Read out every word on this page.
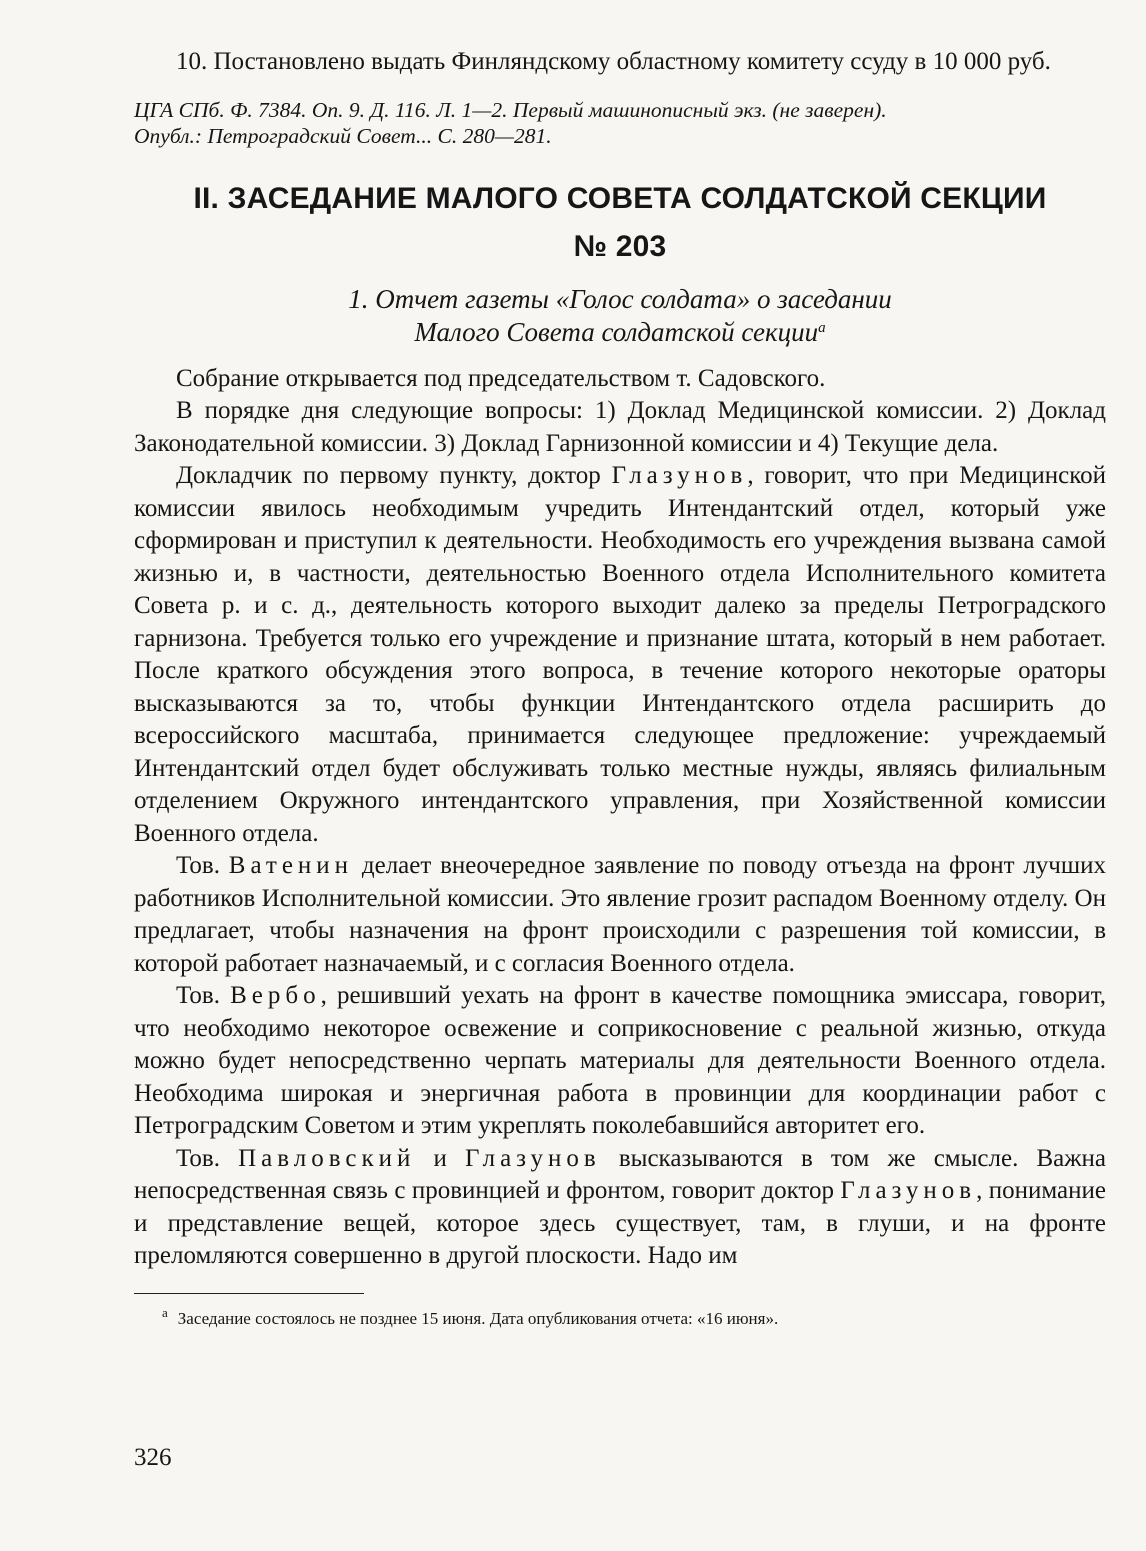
10. Постановлено выдать Финляндскому областному комитету ссуду в 10 000 руб.

ЦГА СПб. Ф. 7384. Оп. 9. Д. 116. Л. 1—2. Первый машинописный экз. (не заверен).

Опубл.: Петроградский Совет... С. 280—281.

II. ЗАСЕДАНИЕ МАЛОГО СОВЕТА СОЛДАТСКОЙ СЕКЦИИ
№ 203
1. Отчет газеты «Голос солдата» о заседании
Малого Совета солдатской секции$^а$

Собрание открывается под председательством т. Садовского.

В порядке дня следующие вопросы: 1) Доклад Медицинской комиссии. 2) Доклад Законодательной комиссии. 3) Доклад Гарнизонной комиссии и 4) Текущие дела.

Докладчик по первому пункту, доктор Глазунов, говорит, что при Медицинской комиссии явилось необходимым учредить Интендантский отдел, который уже сформирован и приступил к деятельности. Необходимость его учреждения вызвана самой жизнью и, в частности, деятельностью Военного отдела Исполнительного комитета Совета р. и с. д., деятельность которого выходит далеко за пределы Петроградского гарнизона. Требуется только его учреждение и признание штата, который в нем работает. После краткого обсуждения этого вопроса, в течение которого некоторые ораторы высказываются за то, чтобы функции Интендантского отдела расширить до всероссийского масштаба, принимается следующее предложение: учреждаемый Интендантский отдел будет обслуживать только местные нужды, являясь филиальным отделением Окружного интендантского управления, при Хозяйственной комиссии Военного отдела.

Тов. Ватенин делает внеочередное заявление по поводу отъезда на фронт лучших работников Исполнительной комиссии. Это явление грозит распадом Военному отделу. Он предлагает, чтобы назначения на фронт происходили с разрешения той комиссии, в которой работает назначаемый, и с согласия Военного отдела.

Тов. Вербо, решивший уехать на фронт в качестве помощника эмиссара, говорит, что необходимо некоторое освежение и соприкосновение с реальной жизнью, откуда можно будет непосредственно черпать материалы для деятельности Военного отдела. Необходима широкая и энергичная работа в провинции для координации работ с Петроградским Советом и этим укреплять поколебавшийся авторитет его.

Тов. Павловский и Глазунов высказываются в том же смысле. Важна непосредственная связь с провинцией и фронтом, говорит доктор Глазунов, понимание и представление вещей, которое здесь существует, там, в глуши, и на фронте преломляются совершенно в другой плоскости. Надо им

$^а$ Заседание состоялось не позднее 15 июня. Дата опубликования отчета: «16 июня».

326
